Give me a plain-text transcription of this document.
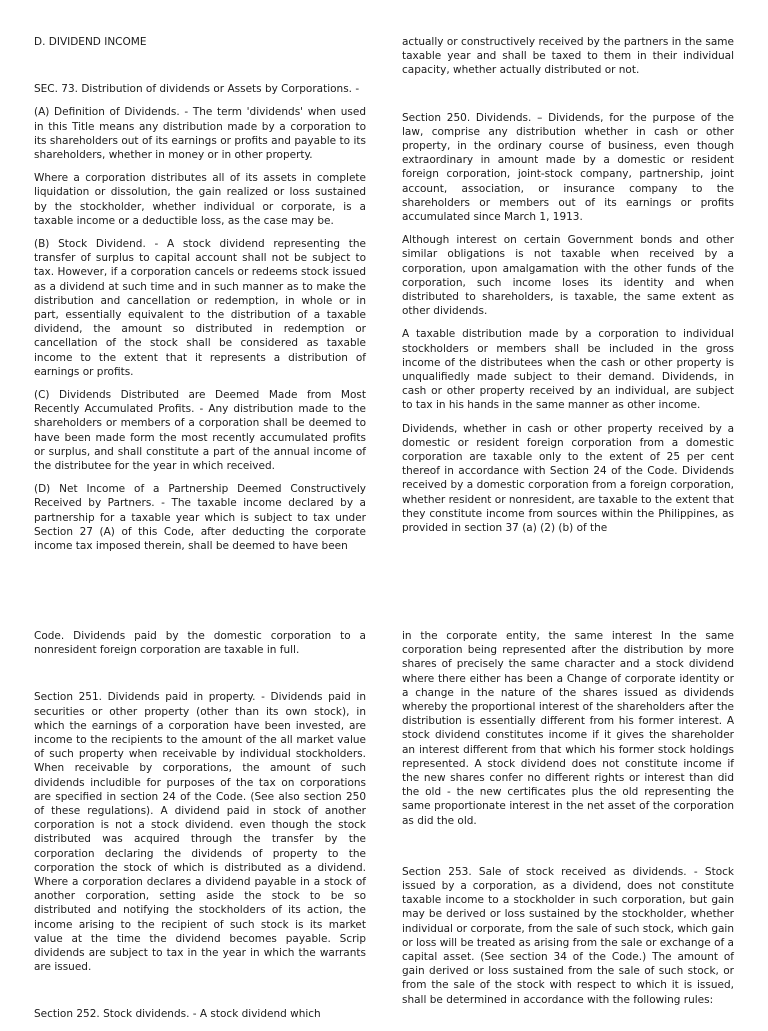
D. DIVIDEND INCOME

SEC. 73. Distribution of dividends or Assets by Corporations. -

(A) Definition of Dividends. - The term 'dividends' when used in this Title means any distribution made by a corporation to its shareholders out of its earnings or profits and payable to its shareholders, whether in money or in other property.

Where a corporation distributes all of its assets in complete liquidation or dissolution, the gain realized or loss sustained by the stockholder, whether individual or corporate, is a taxable income or a deductible loss, as the case may be.

(B) Stock Dividend. - A stock dividend representing the transfer of surplus to capital account shall not be subject to tax. However, if a corporation cancels or redeems stock issued as a dividend at such time and in such manner as to make the distribution and cancellation or redemption, in whole or in part, essentially equivalent to the distribution of a taxable dividend, the amount so distributed in redemption or cancellation of the stock shall be considered as taxable income to the extent that it represents a distribution of earnings or profits.

(C) Dividends Distributed are Deemed Made from Most Recently Accumulated Profits. - Any distribution made to the shareholders or members of a corporation shall be deemed to have been made form the most recently accumulated profits or surplus, and shall constitute a part of the annual income of the distributee for the year in which received.

(D) Net Income of a Partnership Deemed Constructively Received by Partners. - The taxable income declared by a partnership for a taxable year which is subject to tax under Section 27 (A) of this Code, after deducting the corporate income tax imposed therein, shall be deemed to have been

actually or constructively received by the partners in the same taxable year and shall be taxed to them in their individual capacity, whether actually distributed or not.

Section 250. Dividends. – Dividends, for the purpose of the law, comprise any distribution whether in cash or other property, in the ordinary course of business, even though extraordinary in amount made by a domestic or resident foreign corporation, joint-stock company, partnership, joint account, association, or insurance company to the shareholders or members out of its earnings or profits accumulated since March 1, 1913.

Although interest on certain Government bonds and other similar obligations is not taxable when received by a corporation, upon amalgamation with the other funds of the corporation, such income loses its identity and when distributed to shareholders, is taxable, the same extent as other dividends.

A taxable distribution made by a corporation to individual stockholders or members shall be included in the gross income of the distributees when the cash or other property is unqualifiedly made subject to their demand. Dividends, in cash or other property received by an individual, are subject to tax in his hands in the same manner as other income.

Dividends, whether in cash or other property received by a domestic or resident foreign corporation from a domestic corporation are taxable only to the extent of 25 per cent thereof in accordance with Section 24 of the Code. Dividends received by a domestic corporation from a foreign corporation, whether resident or nonresident, are taxable to the extent that they constitute income from sources within the Philippines, as provided in section 37 (a) (2) (b) of the

Code. Dividends paid by the domestic corporation to a nonresident foreign corporation are taxable in full.

Section 251. Dividends paid in property. - Dividends paid in securities or other property (other than its own stock), in which the earnings of a corporation have been invested, are income to the recipients to the amount of the all market value of such property when receivable by individual stockholders. When receivable by corporations, the amount of such dividends includible for purposes of the tax on corporations are specified in section 24 of the Code. (See also section 250 of these regulations). A dividend paid in stock of another corporation is not a stock dividend. even though the stock distributed was acquired through the transfer by the corporation declaring the dividends of property to the corporation the stock of which is distributed as a dividend. Where a corporation declares a dividend payable in a stock of another corporation, setting aside the stock to be so distributed and notifying the stockholders of its action, the income arising to the recipient of such stock is its market value at the time the dividend becomes payable. Scrip dividends are subject to tax in the year in which the warrants are issued.

Section 252. Stock dividends. - A stock dividend which

in the corporate entity, the same interest In the same corporation being represented after the distribution by more shares of precisely the same character and a stock dividend where there either has been a Change of corporate identity or a change in the nature of the shares issued as dividends whereby the proportional interest of the shareholders after the distribution is essentially different from his former interest. A stock dividend constitutes income if it gives the shareholder an interest different from that which his former stock holdings represented. A stock dividend does not constitute income if the new shares confer no different rights or interest than did the old - the new certificates plus the old representing the same proportionate interest in the net asset of the corporation as did the old.

Section 253. Sale of stock received as dividends. - Stock issued by a corporation, as a dividend, does not constitute taxable income to a stockholder in such corporation, but gain may be derived or loss sustained by the stockholder, whether individual or corporate, from the sale of such stock, which gain or loss will be treated as arising from the sale or exchange of a capital asset. (See section 34 of the Code.) The amount of gain derived or loss sustained from the sale of such stock, or from the sale of the stock with respect to which it is issued, shall be determined in accordance with the following rules:
